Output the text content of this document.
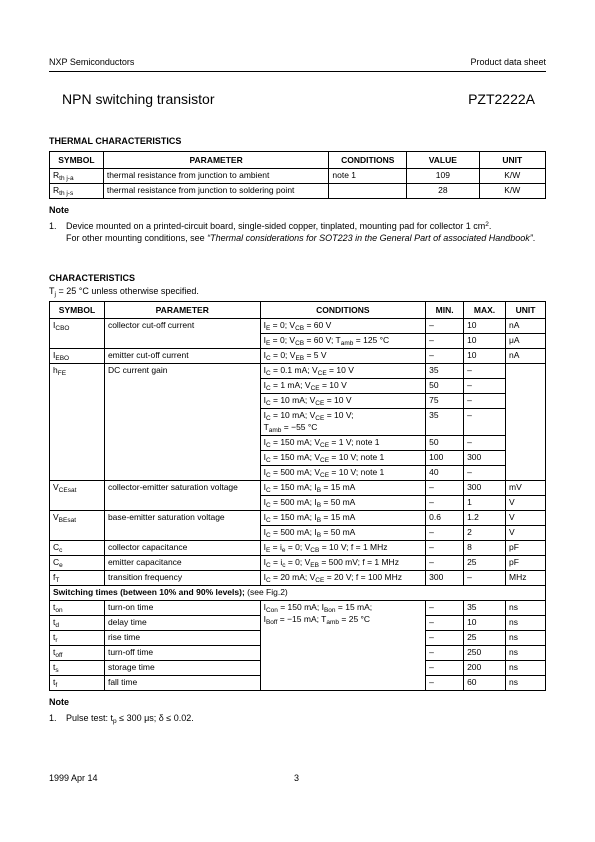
NXP Semiconductors	Product data sheet
NPN switching transistor	PZT2222A
THERMAL CHARACTERISTICS
SYMBOL	PARAMETER	CONDITIONS	VALUE	UNIT
$R_{th j-a}$	thermal resistance from junction to ambient	note 1	109	K/W
$R_{th j-s}$	thermal resistance from junction to soldering point		28	K/W
Note
1. Device mounted on a printed-circuit board, single-sided copper, tinplated, mounting pad for collector 1 $cm^2$.
For other mounting conditions, see “Thermal considerations for SOT223 in the General Part of associated Handbook”.
CHARACTERISTICS
$T_j = 25$ °C unless otherwise specified.
SYMBOL	PARAMETER	CONDITIONS	MIN.	MAX.	UNIT
$I_{CBO}$	collector cut-off current	$I_E = 0$; $V_{CB} = 60$ V	–	10	nA
		$I_E = 0$; $V_{CB} = 60$ V; $T_{amb} = 125$ °C	–	10	μA
$I_{EBO}$	emitter cut-off current	$I_C = 0$; $V_{EB} = 5$ V	–	10	nA
$h_{FE}$	DC current gain	$I_C = 0.1$ mA; $V_{CE} = 10$ V	35	–	
		$I_C = 1$ mA; $V_{CE} = 10$ V	50	–	
		$I_C = 10$ mA; $V_{CE} = 10$ V	75	–	
		$I_C = 10$ mA; $V_{CE} = 10$ V;
$T_{amb} = -55$ °C	35	–	
		$I_C = 150$ mA; $V_{CE} = 1$ V; note 1	50	–	
		$I_C = 150$ mA; $V_{CE} = 10$ V; note 1	100	300	
		$I_C = 500$ mA; $V_{CE} = 10$ V; note 1	40	–	
$V_{CEsat}$	collector-emitter saturation voltage	$I_C = 150$ mA; $I_B = 15$ mA	–	300	mV
		$I_C = 500$ mA; $I_B = 50$ mA	–	1	V
$V_{BEsat}$	base-emitter saturation voltage	$I_C = 150$ mA; $I_B = 15$ mA	0.6	1.2	V
		$I_C = 500$ mA; $I_B = 50$ mA	–	2	V
$C_c$	collector capacitance	$I_E = i_e = 0$; $V_{CB} = 10$ V; f = 1 MHz	–	8	pF
$C_e$	emitter capacitance	$I_C = i_c = 0$; $V_{EB} = 500$ mV; f = 1 MHz	–	25	pF
$f_T$	transition frequency	$I_C = 20$ mA; $V_{CE} = 20$ V; f = 100 MHz	300	–	MHz
Switching times (between 10% and 90% levels); (see Fig.2)					
$t_{on}$	turn-on time	$I_{Con} = 150$ mA; $I_{Bon} = 15$ mA;
$I_{Boff} = -15$ mA; $T_{amb} = 25$ °C	–	35	ns
$t_d$	delay time		–	10	ns
$t_r$	rise time		–	25	ns
$t_{off}$	turn-off time		–	250	ns
$t_s$	storage time		–	200	ns
$t_f$	fall time		–	60	ns
Note
1. Pulse test: $t_p \le 300$ μs; δ ≤ 0.02.
1999 Apr 14	3
